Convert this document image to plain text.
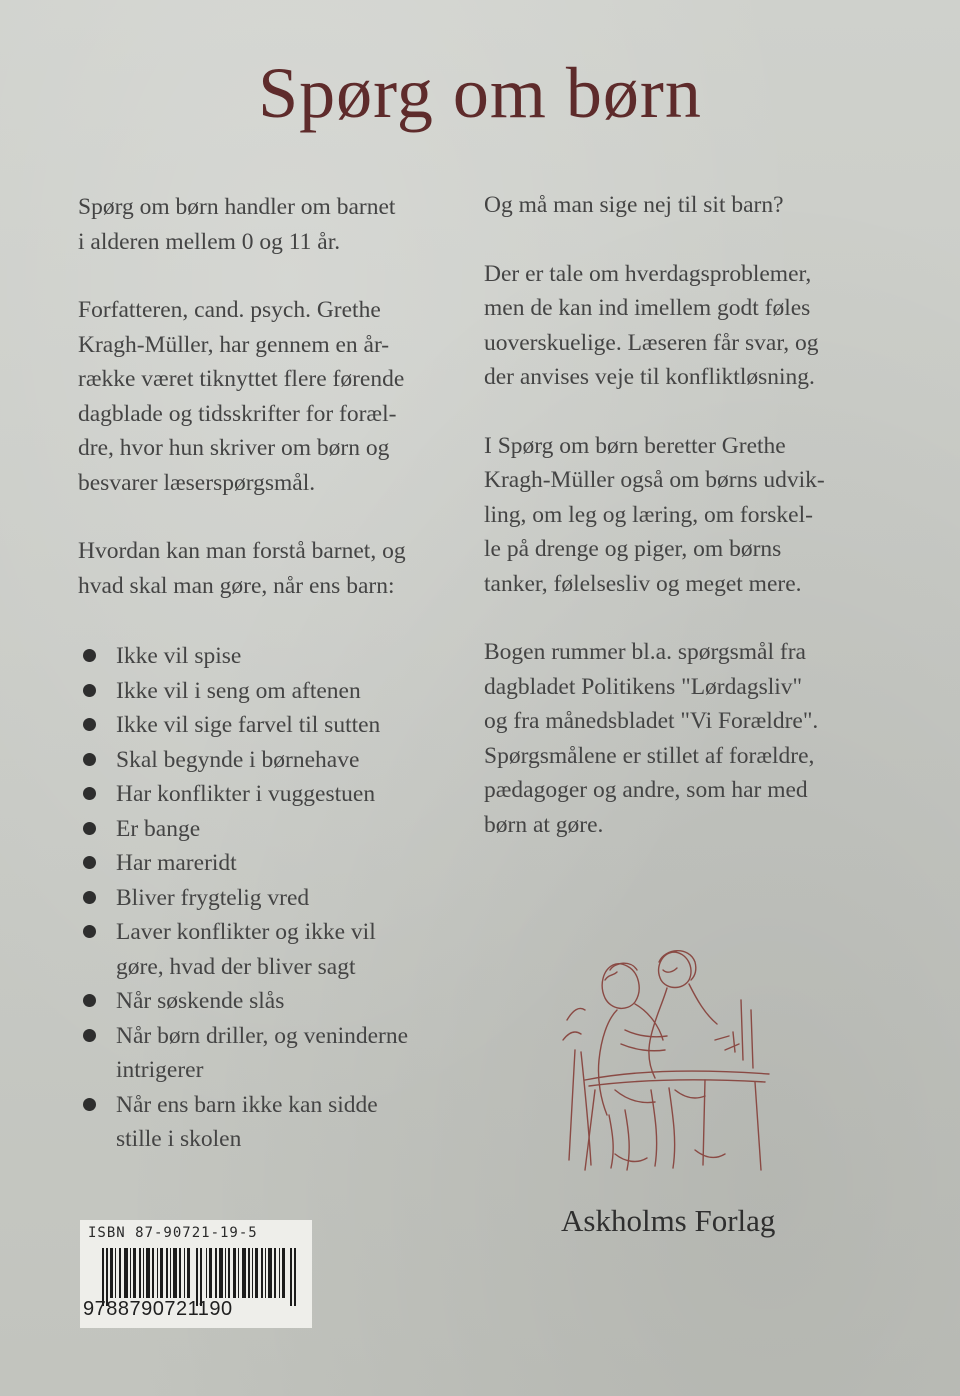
Spørg om børn

Spørg om børn handler om barnet
i alderen mellem 0 og 11 år.

Forfatteren, cand. psych. Grethe
Kragh-Müller, har gennem en år-
række været tiknyttet flere førende
dagblade og tidsskrifter for foræl-
dre, hvor hun skriver om børn og
besvarer læserspørgsmål.

Hvordan kan man forstå barnet, og
hvad skal man gøre, når ens barn:

Ikke vil spise
Ikke vil i seng om aftenen
Ikke vil sige farvel til sutten
Skal begynde i børnehave
Har konflikter i vuggestuen
Er bange
Har mareridt
Bliver frygtelig vred
Laver konflikter og ikke vil
gøre, hvad der bliver sagt
Når søskende slås
Når børn driller, og veninderne
intrigerer
Når ens barn ikke kan sidde
stille i skolen

Og må man sige nej til sit barn?

Der er tale om hverdagsproblemer,
men de kan ind imellem godt føles
uoverskuelige. Læseren får svar, og
der anvises veje til konfliktløsning.

I Spørg om børn beretter Grethe
Kragh-Müller også om børns udvik-
ling, om leg og læring, om forskel-
le på drenge og piger, om børns
tanker, følelsesliv og meget mere.

Bogen rummer bl.a. spørgsmål fra
dagbladet Politikens "Lørdagsliv"
og fra månedsbladet "Vi Forældre".
Spørgsmålene er stillet af forældre,
pædagoger og andre, som har med
børn at gøre.

Askholms Forlag

ISBN 87-90721-19-5
9788790721190
